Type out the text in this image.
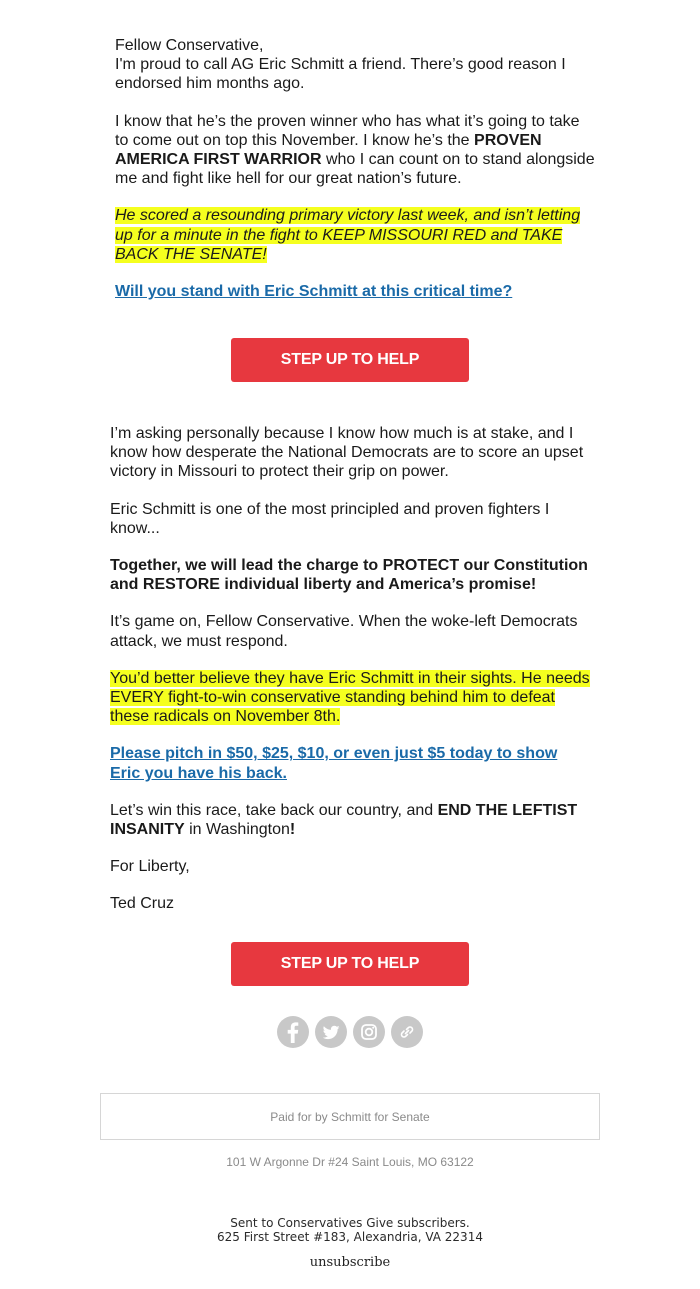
Fellow Conservative,

I'm proud to call AG Eric Schmitt a friend. There’s good reason I endorsed him months ago.

I know that he’s the proven winner who has what it’s going to take to come out on top this November. I know he’s the PROVEN AMERICA FIRST WARRIOR who I can count on to stand alongside me and fight like hell for our great nation’s future.

He scored a resounding primary victory last week, and isn’t letting up for a minute in the fight to KEEP MISSOURI RED and TAKE BACK THE SENATE!

Will you stand with Eric Schmitt at this critical time?

STEP UP TO HELP

I’m asking personally because I know how much is at stake, and I know how desperate the National Democrats are to score an upset victory in Missouri to protect their grip on power.

Eric Schmitt is one of the most principled and proven fighters I know...

Together, we will lead the charge to PROTECT our Constitution and RESTORE individual liberty and America’s promise!

It’s game on, Fellow Conservative. When the woke-left Democrats attack, we must respond.

You’d better believe they have Eric Schmitt in their sights. He needs EVERY fight-to-win conservative standing behind him to defeat these radicals on November 8th.

Please pitch in $50, $25, $10, or even just $5 today to show Eric you have his back.

Let’s win this race, take back our country, and END THE LEFTIST INSANITY in Washington!

For Liberty,

Ted Cruz

STEP UP TO HELP
Paid for by Schmitt for Senate
101 W Argonne Dr #24 Saint Louis, MO 63122
Sent to Conservatives Give subscribers.
625 First Street #183, Alexandria, VA 22314
unsubscribe
